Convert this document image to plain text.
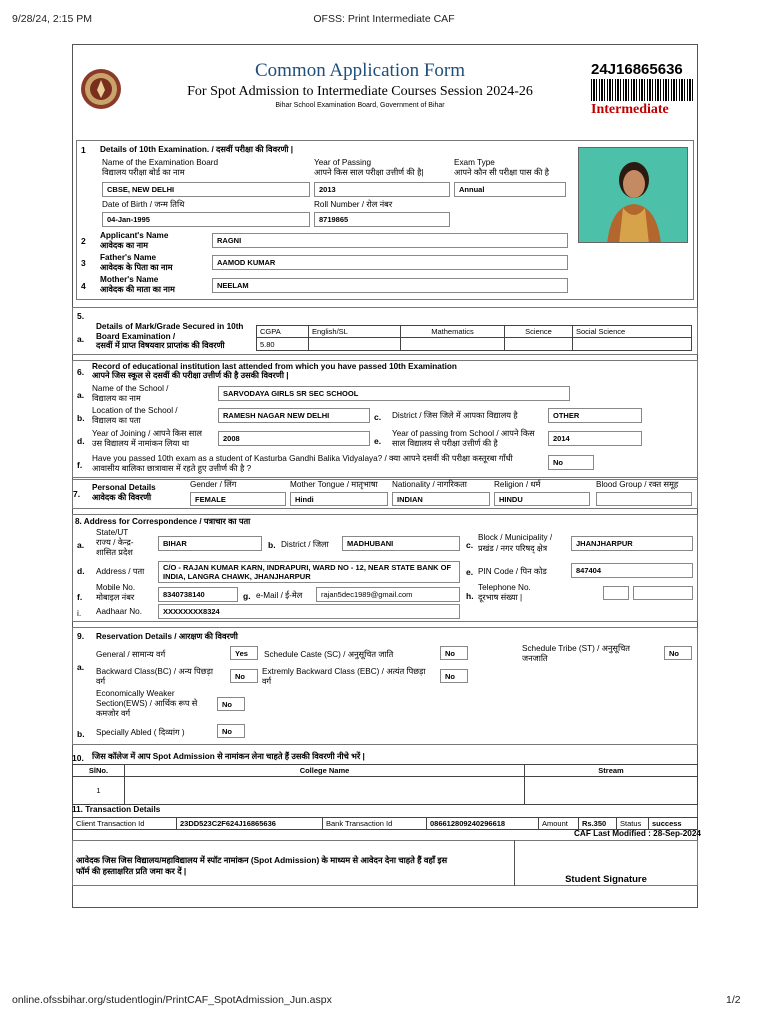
9/28/24, 2:15 PM	OFSS: Print Intermediate CAF
online.ofssbihar.org/studentlogin/PrintCAF_SpotAdmission_Jun.aspx	1/2
Common Application Form
For Spot Admission to Intermediate Courses Session 2024-26
Bihar School Examination Board, Government of Bihar
24J16865636
Intermediate
1 Details of 10th Examination. / दसवीं परीक्षा की विवरणी |
Name of the Examination Board
विद्यालय परीक्षा बोर्ड का नाम
CBSE, NEW DELHI
Year of Passing
आपने किस साल परीक्षा उत्तीर्ण की है|
2013
Exam Type
आपने कौन सी परीक्षा पास की है
Annual
Date of Birth / जन्म तिथि
04-Jan-1995
Roll Number / रोल नंबर
8719865
2
Applicant's Name
आवेदक का नाम
RAGNI
3
Father's Name
आवेदक के पिता का नाम
AAMOD KUMAR
4
Mother's Name
आवेदक की माता का नाम	NEELAM
5.
a.
Details of Mark/Grade Secured in 10th Board Examination /
दसवीं में प्राप्त विषयवार प्राप्तांक की विवरणी
CGPA	English/SL	Mathematics	Science	Social Science
5.80				
6.
Record of educational institution last attended from which you have passed 10th Examination
आपने जिस स्कूल से दसवीं की परीक्षा उत्तीर्ण की है उसकी विवरणी |
a.
Name of the School /
विद्यालय का नाम
SARVODAYA GIRLS SR SEC SCHOOL
b.
Location of the School /
विद्यालय का पता
RAMESH NAGAR NEW DELHI	c. District / जिस जिले में आपका विद्यालय है	OTHER
d.
Year of Joining / आपने किस साल
उस विद्यालय में नामांकन लिया था
2008	e.
Year of passing from School / आपने किस
साल विद्यालय से परीक्षा उत्तीर्ण की है
2014
f.
Have you passed 10th exam as a student of Kasturba Gandhi Balika Vidyalaya? / क्या आपने दसवीं की परीक्षा कस्तूरबा गाँधी
आवासीय बालिका छात्रावास में रहते हुए उत्तीर्ण की है ?
No
7.
Personal Details
आवेदक की विवरणी
Gender / लिंग
FEMALE
Mother Tongue / मातृभाषा
Hindi
Nationality / नागरिकता
INDIAN
Religion / धर्म
HINDU
Blood Group / रक्त समूह
8. Address for Correspondence / पत्राचार का पता
a.
State/UT
राज्य / केन्द्र-
शासित प्रदेश
BIHAR	b. District / जिला	MADHUBANI	c.
Block / Municipality /
प्रखंड / नगर परिषद् क्षेत्र
JHANJHARPUR
d. Address / पता C/O - RAJAN KUMAR KARN, INDRAPURI, WARD NO - 12, NEAR STATE BANK OF
INDIA, LANGRA CHAWK, JHANJHARPUR	e. PIN Code / पिन कोड	847404
f.
Mobile No.
मोबाइल नंबर	8340738140	g. e-Mail / ई-मेल	rajan5dec1989@gmail.com	h.
Telephone No.
दूरभाष संख्या |
i. Aadhaar No.	XXXXXXXX8324
9. Reservation Details / आरक्षण की विवरणी
a.
General / सामान्य वर्ग	Yes	Schedule Caste (SC) / अनुसूचित जाति	No
Schedule Tribe (ST) / अनुसूचित
जनजाति
No
Backward Class(BC) / अन्य पिछड़ा
वर्ग
No
Extremly Backward Class (EBC) / अत्यंत पिछड़ा
वर्ग
No
Economically Weaker
Section(EWS) / आर्थिक रूप से
कमजोर वर्ग
No
b. Specially Abled ( दिव्यांग )	No
10. जिस कॉलेज में आप Spot Admission से नामांकन लेना चाहते हैं उसकी विवरणी नीचे भरें |
SlNo.	College Name	Stream
1		
11. Transaction Details
Client Transaction Id	23DD523C2F624J16865636	Bank Transaction Id	086612809240296618	Amount	Rs.350	Status	success
CAF Last Modified : 28-Sep-2024
आवेदक जिस जिस विद्यालय/महाविद्यालय में स्पॉट नामांकन (Spot Admission) के माध्यम से आवेदन देना चाहते हैं वहाँ इस
फॉर्म की हस्ताक्षरित प्रति जमा कर दें |
Student Signature
